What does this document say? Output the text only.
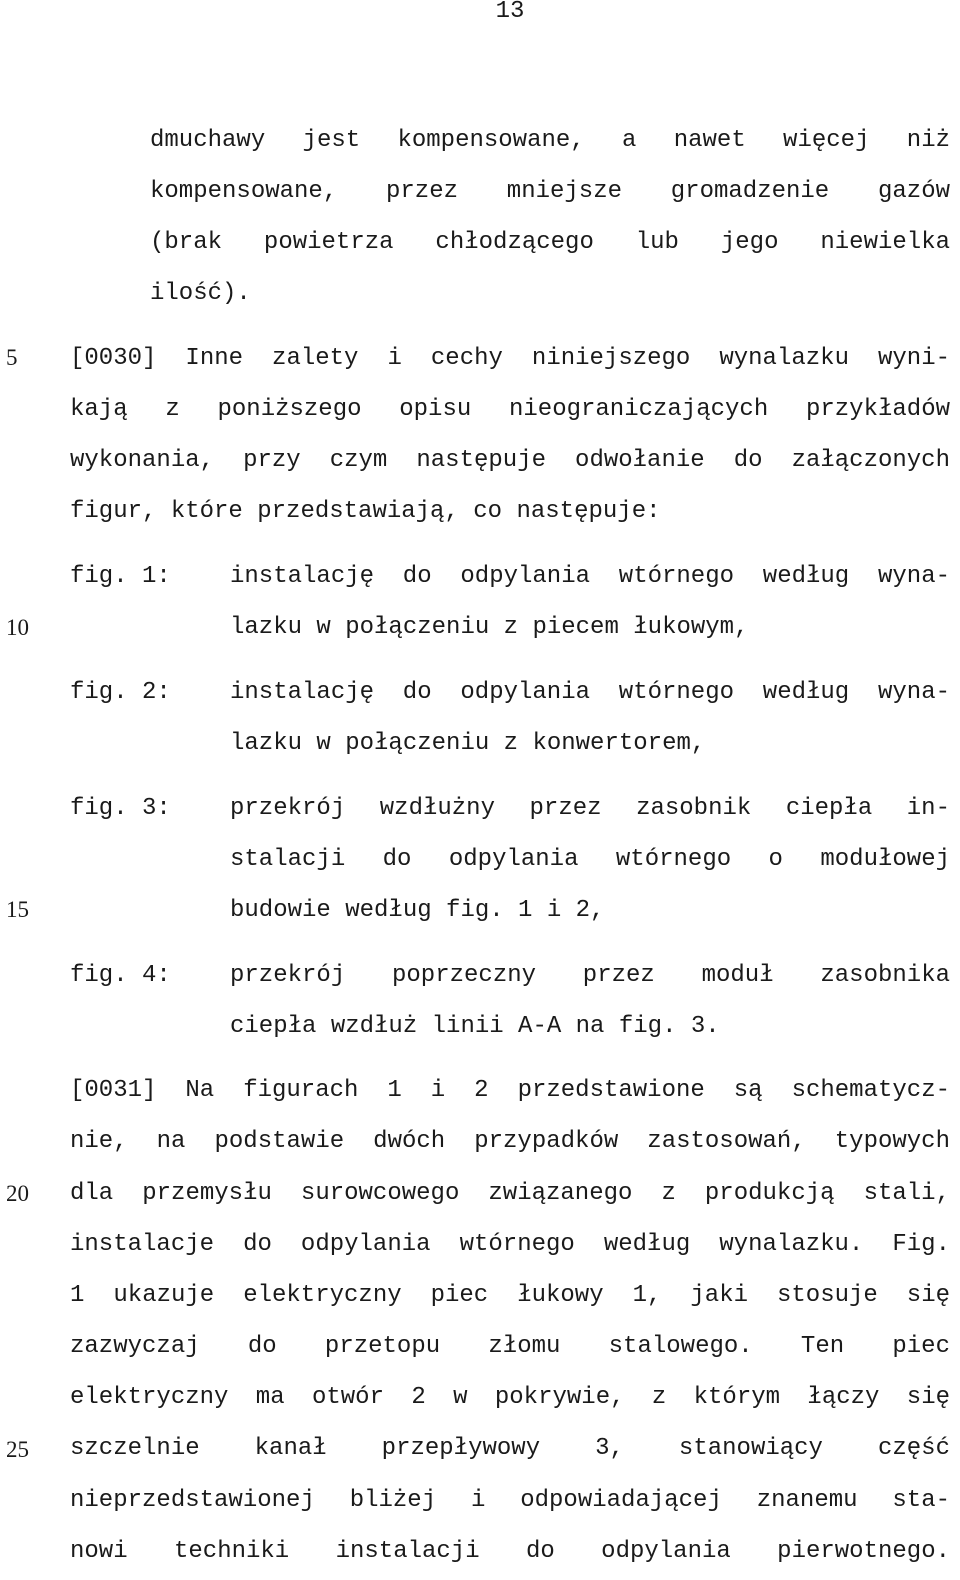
13
5
10
15
20
25
dmuchawy jest kompensowane, a nawet więcej niż
kompensowane, przez mniejsze gromadzenie gazów
(brak powietrza chłodzącego lub jego niewielka
ilość).
[0030] Inne zalety i cechy niniejszego wynalazku wyni-
kają z poniższego opisu nieograniczających przykładów
wykonania, przy czym następuje odwołanie do załączonych
figur, które przedstawiają, co następuje:
fig. 1:	instalację do odpylania wtórnego według wyna-
lazku w połączeniu z piecem łukowym,
fig. 2:	instalację do odpylania wtórnego według wyna-
lazku w połączeniu z konwertorem,
fig. 3:	przekrój wzdłużny przez zasobnik ciepła in-
stalacji do odpylania wtórnego o modułowej
budowie według fig. 1 i 2,
fig. 4:	przekrój poprzeczny przez moduł zasobnika
ciepła wzdłuż linii A-A na fig. 3.
[0031] Na figurach 1 i 2 przedstawione są schematycz-
nie, na podstawie dwóch przypadków zastosowań, typowych
dla przemysłu surowcowego związanego z produkcją stali,
instalacje do odpylania wtórnego według wynalazku. Fig.
1 ukazuje elektryczny piec łukowy 1, jaki stosuje się
zazwyczaj do przetopu złomu stalowego. Ten piec
elektryczny ma otwór 2 w pokrywie, z którym łączy się
szczelnie kanał przepływowy 3, stanowiący część
nieprzedstawionej bliżej i odpowiadającej znanemu sta-
nowi techniki instalacji do odpylania pierwotnego.
